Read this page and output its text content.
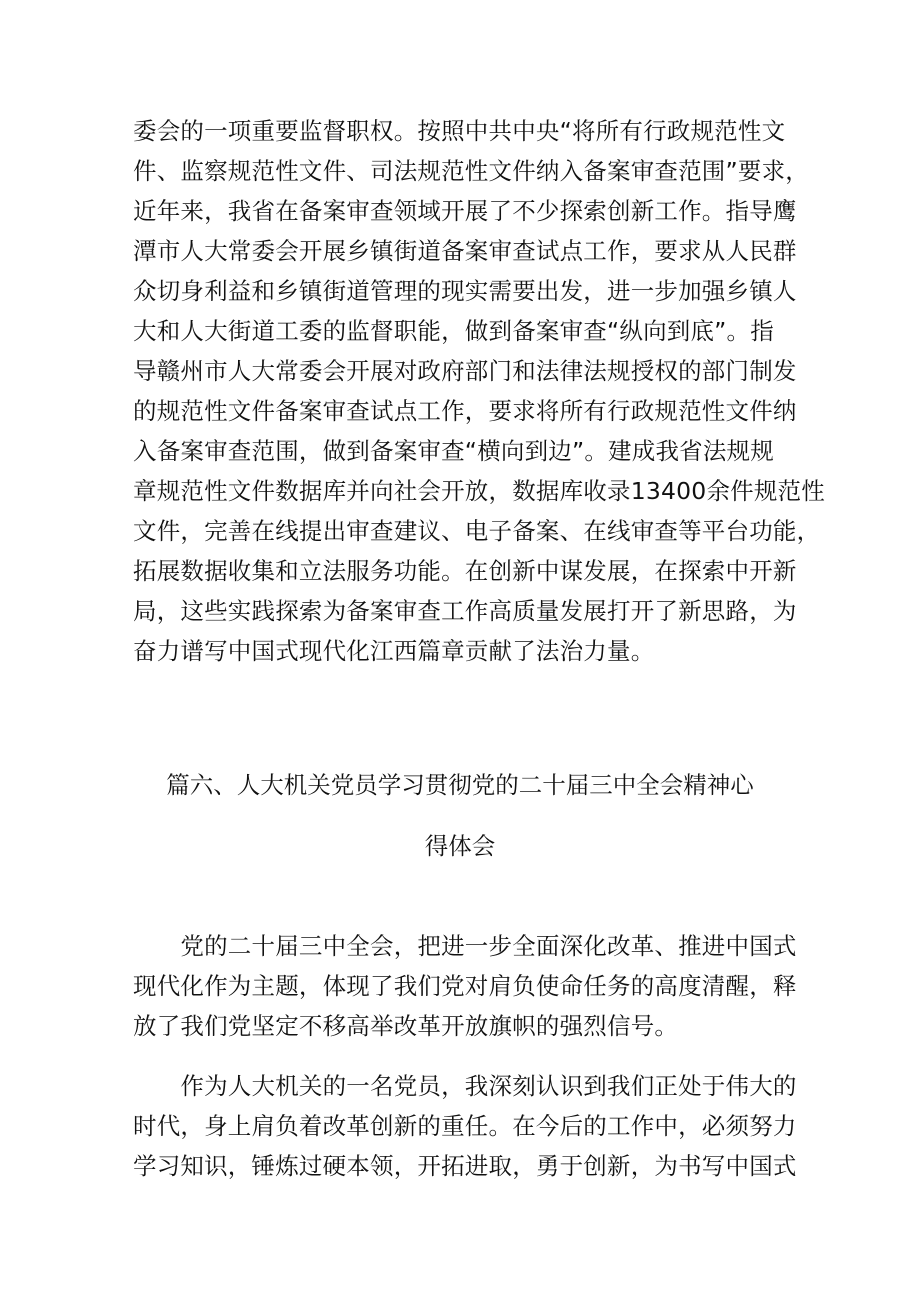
委会的一项重要监督职权。按照中共中央“将所有行政规范性文
件、监察规范性文件、司法规范性文件纳入备案审查范围”要求，
近年来，我省在备案审查领域开展了不少探索创新工作。指导鹰
潭市人大常委会开展乡镇街道备案审查试点工作，要求从人民群
众切身利益和乡镇街道管理的现实需要出发，进一步加强乡镇人
大和人大街道工委的监督职能，做到备案审查“纵向到底”。指
导赣州市人大常委会开展对政府部门和法律法规授权的部门制发
的规范性文件备案审查试点工作，要求将所有行政规范性文件纳
入备案审查范围，做到备案审查“横向到边”。建成我省法规规
章规范性文件数据库并向社会开放，数据库收录13400余件规范性
文件，完善在线提出审查建议、电子备案、在线审查等平台功能，
拓展数据收集和立法服务功能。在创新中谋发展，在探索中开新
局，这些实践探索为备案审查工作高质量发展打开了新思路，为
奋力谱写中国式现代化江西篇章贡献了法治力量。
篇六、人大机关党员学习贯彻党的二十届三中全会精神心
得体会
　　党的二十届三中全会，把进一步全面深化改革、推进中国式
现代化作为主题，体现了我们党对肩负使命任务的高度清醒，释
放了我们党坚定不移高举改革开放旗帜的强烈信号。
　　作为人大机关的一名党员，我深刻认识到我们正处于伟大的
时代，身上肩负着改革创新的重任。在今后的工作中，必须努力
学习知识，锤炼过硬本领，开拓进取，勇于创新，为书写中国式
